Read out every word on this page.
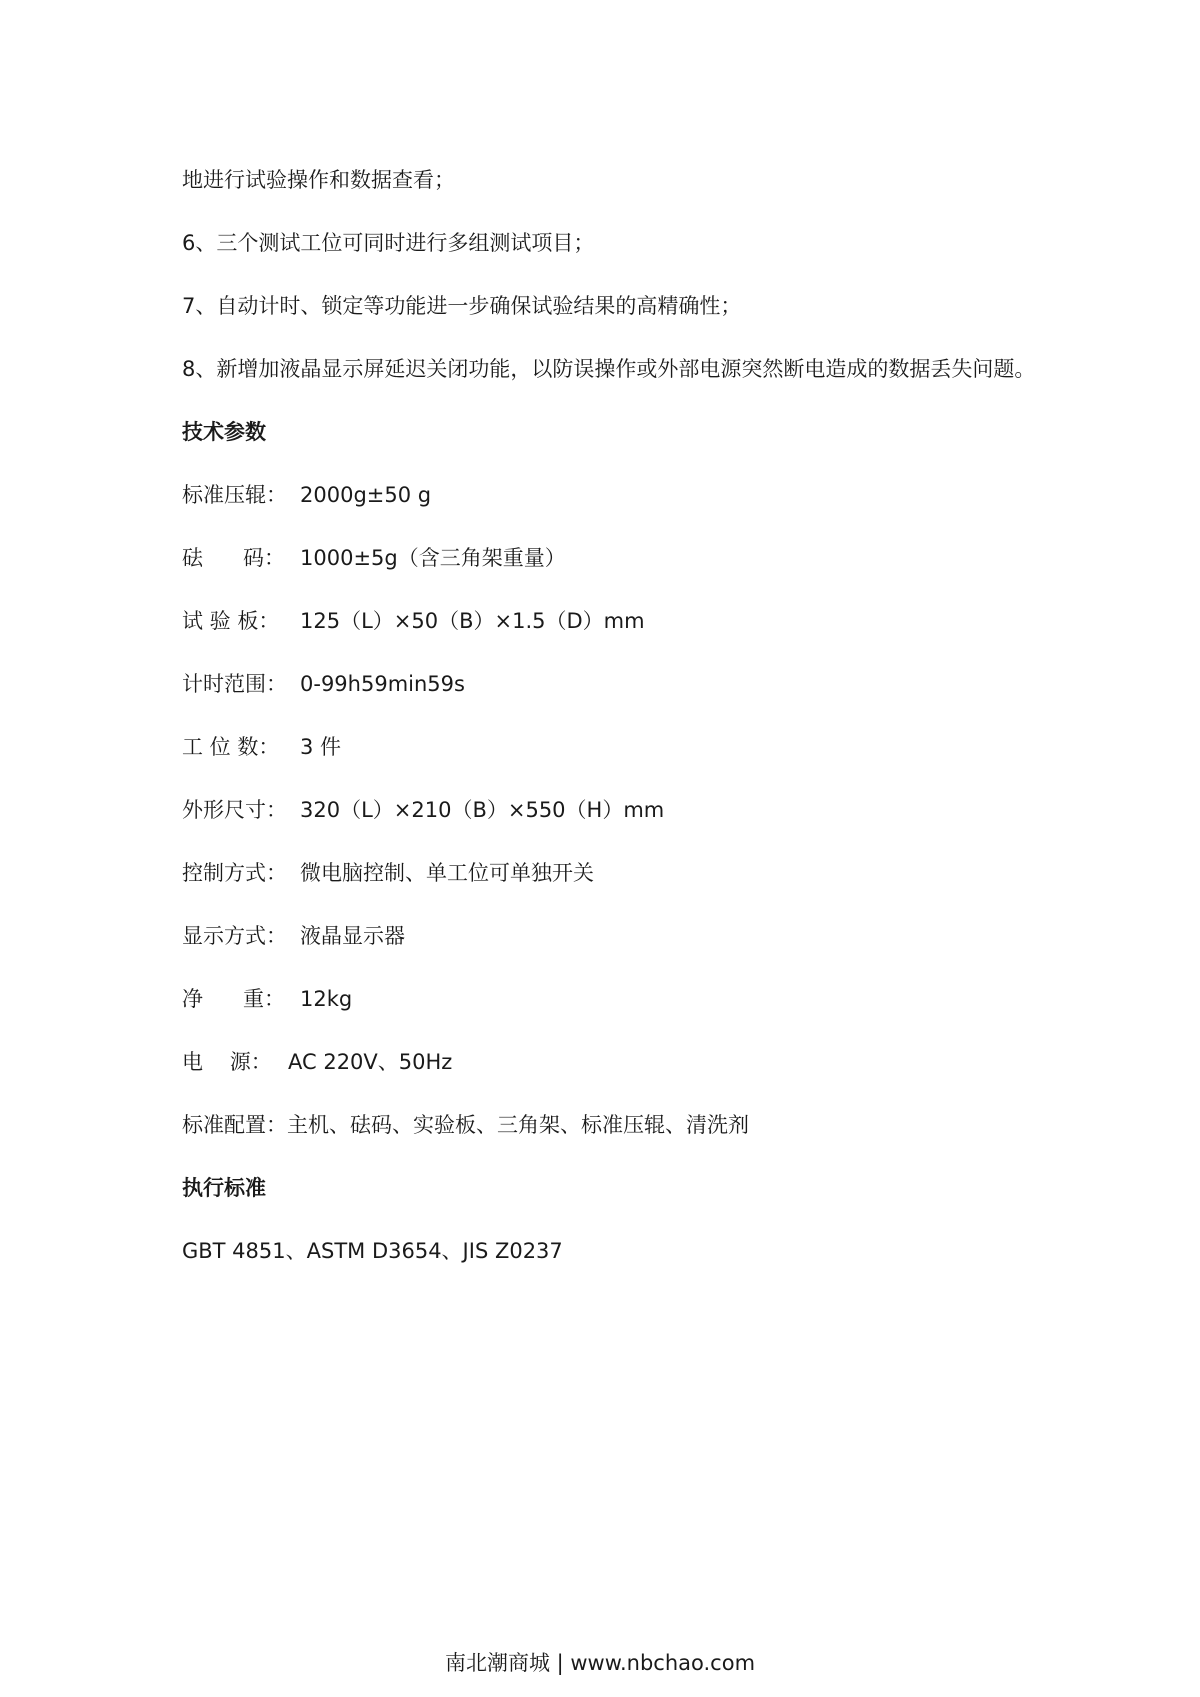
地进行试验操作和数据查看；
6、三个测试工位可同时进行多组测试项目；
7、自动计时、锁定等功能进一步确保试验结果的高精确性；
8、新增加液晶显示屏延迟关闭功能，以防误操作或外部电源突然断电造成的数据丢失问题。
技术参数
标准压辊： 2000g±50 g
砝      码： 1000±5g（含三角架重量）
试 验 板： 125（L）×50（B）×1.5（D）mm
计时范围： 0-99h59min59s
工 位 数： 3 件
外形尺寸： 320（L）×210（B）×550（H）mm
控制方式： 微电脑控制、单工位可单独开关
显示方式： 液晶显示器
净      重： 12kg
电    源： AC 220V、50Hz
标准配置： 主机、砝码、实验板、三角架、标准压辊、清洗剂
执行标准
GBT 4851、ASTM D3654、JIS Z0237
南北潮商城 | www.nbchao.com
